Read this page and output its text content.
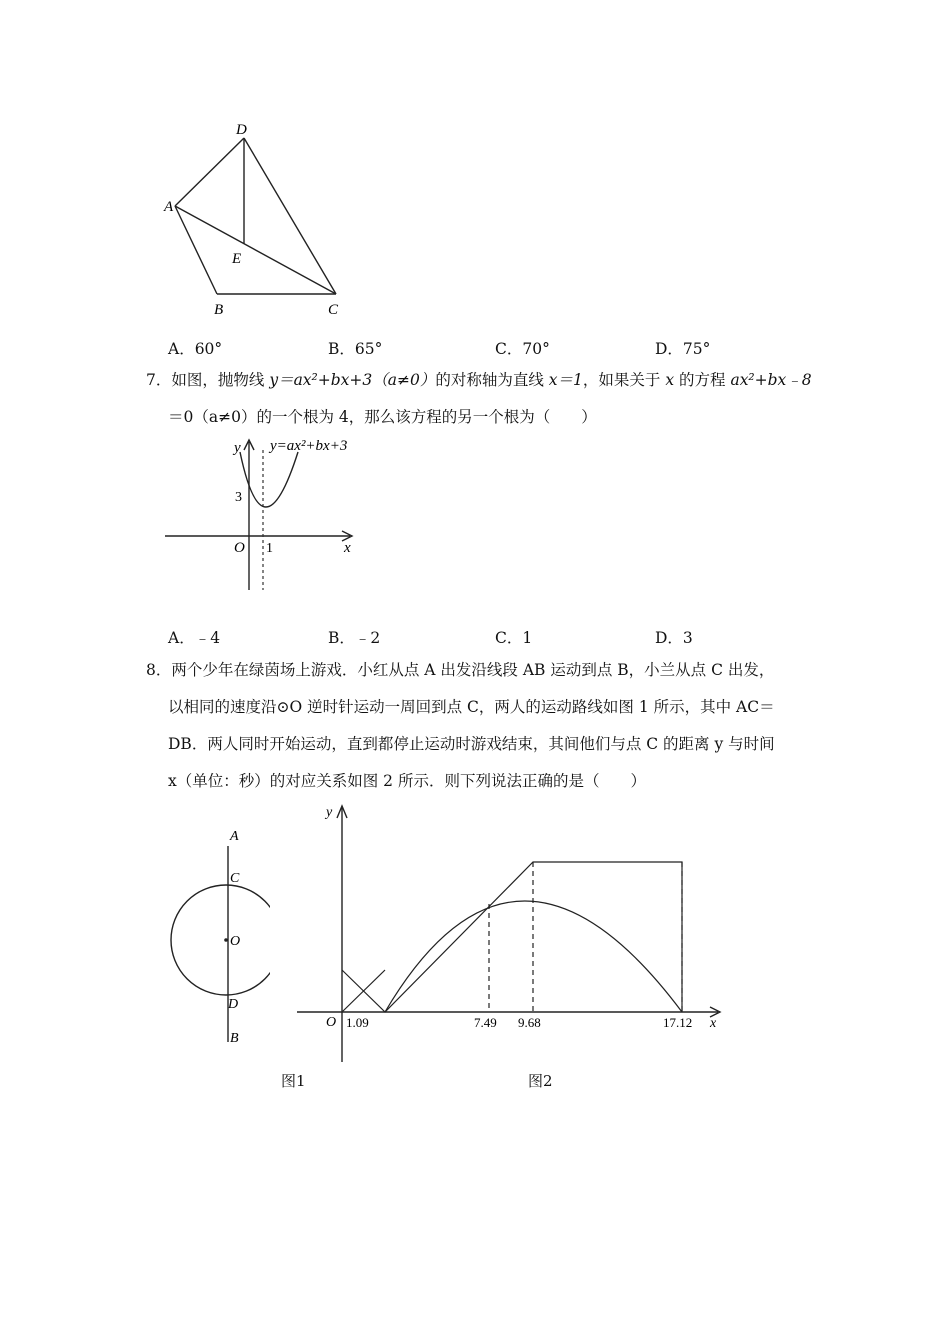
D
A
E
B	C
A．60°	B．65°	C．70°	D．75°
7．如图，抛物线 y＝ax²+bx+3（a≠0）的对称轴为直线 x＝1，如果关于 x 的方程 ax²+bx﹣8
＝0（a≠0）的一个根为 4，那么该方程的另一个根为（　　）
y y=ax²+bx+3
3
O 1	x
A．﹣4	B．﹣2	C．1	D．3
8．两个少年在绿茵场上游戏．小红从点 A 出发沿线段 AB 运动到点 B，小兰从点 C 出发，
以相同的速度沿⊙O 逆时针运动一周回到点 C，两人的运动路线如图 1 所示，其中 AC＝
DB．两人同时开始运动，直到都停止运动时游戏结束，其间他们与点 C 的距离 y 与时间
x（单位：秒）的对应关系如图 2 所示．则下列说法正确的是（　　）
A
C
O
D
B
图1
y
O 1.09	7.49 9.68	17.12 x
图2
